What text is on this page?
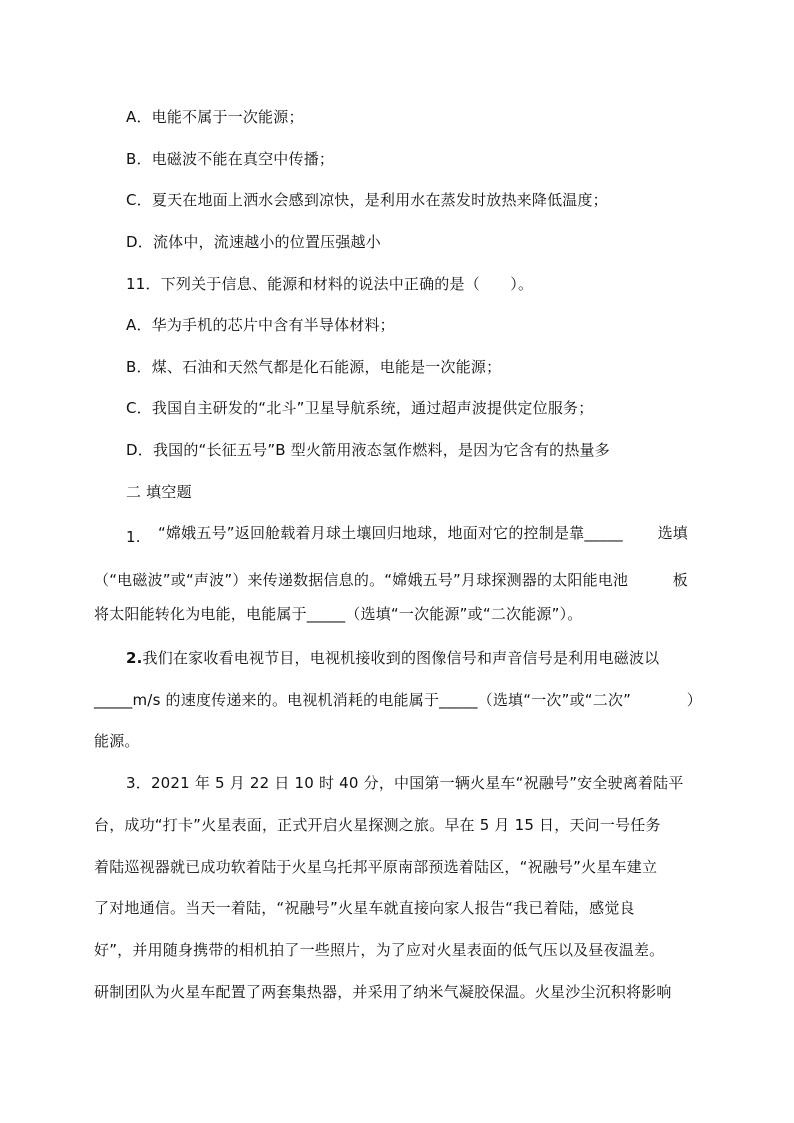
A．电能不属于一次能源；
B．电磁波不能在真空中传播；
C．夏天在地面上洒水会感到凉快，是利用水在蒸发时放热来降低温度；
D．流体中，流速越小的位置压强越小
11．下列关于信息、能源和材料的说法中正确的是（　　）。
A．华为手机的芯片中含有半导体材料；
B．煤、石油和天然气都是化石能源，电能是一次能源；
C．我国自主研发的“北斗”卫星导航系统，通过超声波提供定位服务；
D．我国的“长征五号”B 型火箭用液态氢作燃料，是因为它含有的热量多
二 填空题
1. “嫦娥五号”返回舱载着月球土壤回归地球，地面对它的控制是靠_____ 选填
（“电磁波”或“声波”）来传递数据信息的。“嫦娥五号”月球探测器的太阳能电池	板
将太阳能转化为电能，电能属于_____（选填“一次能源”或“二次能源”）。
2.我们在家收看电视节目，电视机接收到的图像信号和声音信号是利用电磁波以
_____m/s 的速度传递来的。电视机消耗的电能属于_____（选填“一次”或“二次”	）
能源。
3．2021 年 5 月 22 日 10 时 40 分，中国第一辆火星车“祝融号”安全驶离着陆平
台，成功“打卡”火星表面，正式开启火星探测之旅。早在 5 月 15 日，天问一号任务
着陆巡视器就已成功软着陆于火星乌托邦平原南部预选着陆区，“祝融号”火星车建立
了对地通信。当天一着陆，“祝融号”火星车就直接向家人报告“我已着陆，感觉良
好”，并用随身携带的相机拍了一些照片，为了应对火星表面的低气压以及昼夜温差。
研制团队为火星车配置了两套集热器，并采用了纳米气凝胶保温。火星沙尘沉积将影响
